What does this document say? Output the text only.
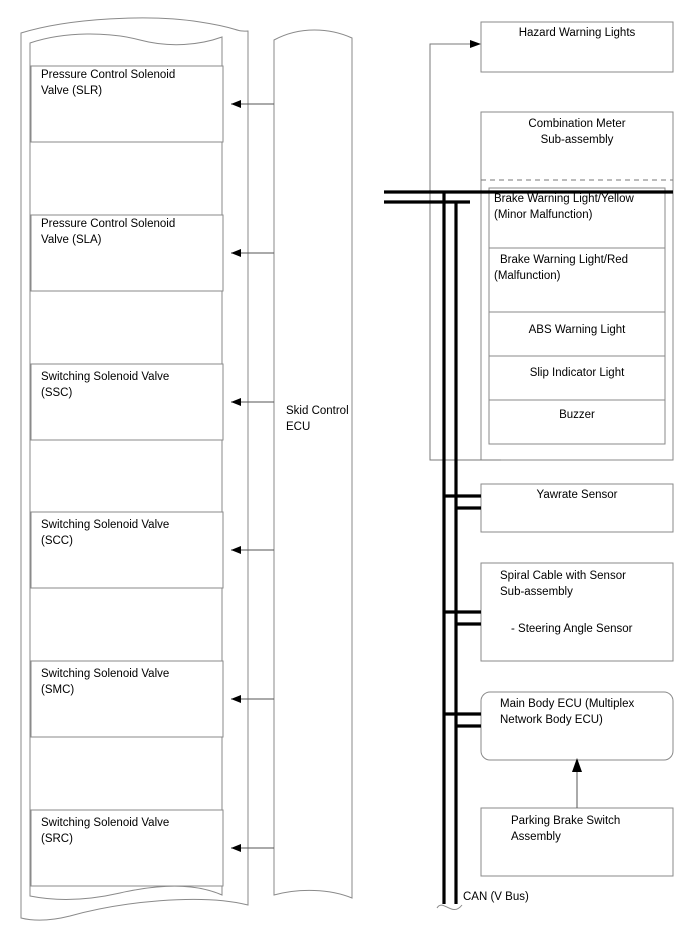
Pressure Control Solenoid
Valve (SLR)
Pressure Control Solenoid
Valve (SLA)
Switching Solenoid Valve
(SSC)
Switching Solenoid Valve
(SCC)
Switching Solenoid Valve
(SMC)
Switching Solenoid Valve
(SRC)
Skid Control
ECU
Hazard Warning Lights
Combination Meter
Sub-assembly
Yawrate Sensor
Spiral Cable with Sensor
Sub-assembly
- Steering Angle Sensor
Main Body ECU (Multiplex
Network Body ECU)
Parking Brake Switch
Assembly
Brake Warning Light/Yellow
(Minor Malfunction)
Brake Warning Light/Red
(Malfunction)
ABS Warning Light
Slip Indicator Light
Buzzer
CAN (V Bus)
